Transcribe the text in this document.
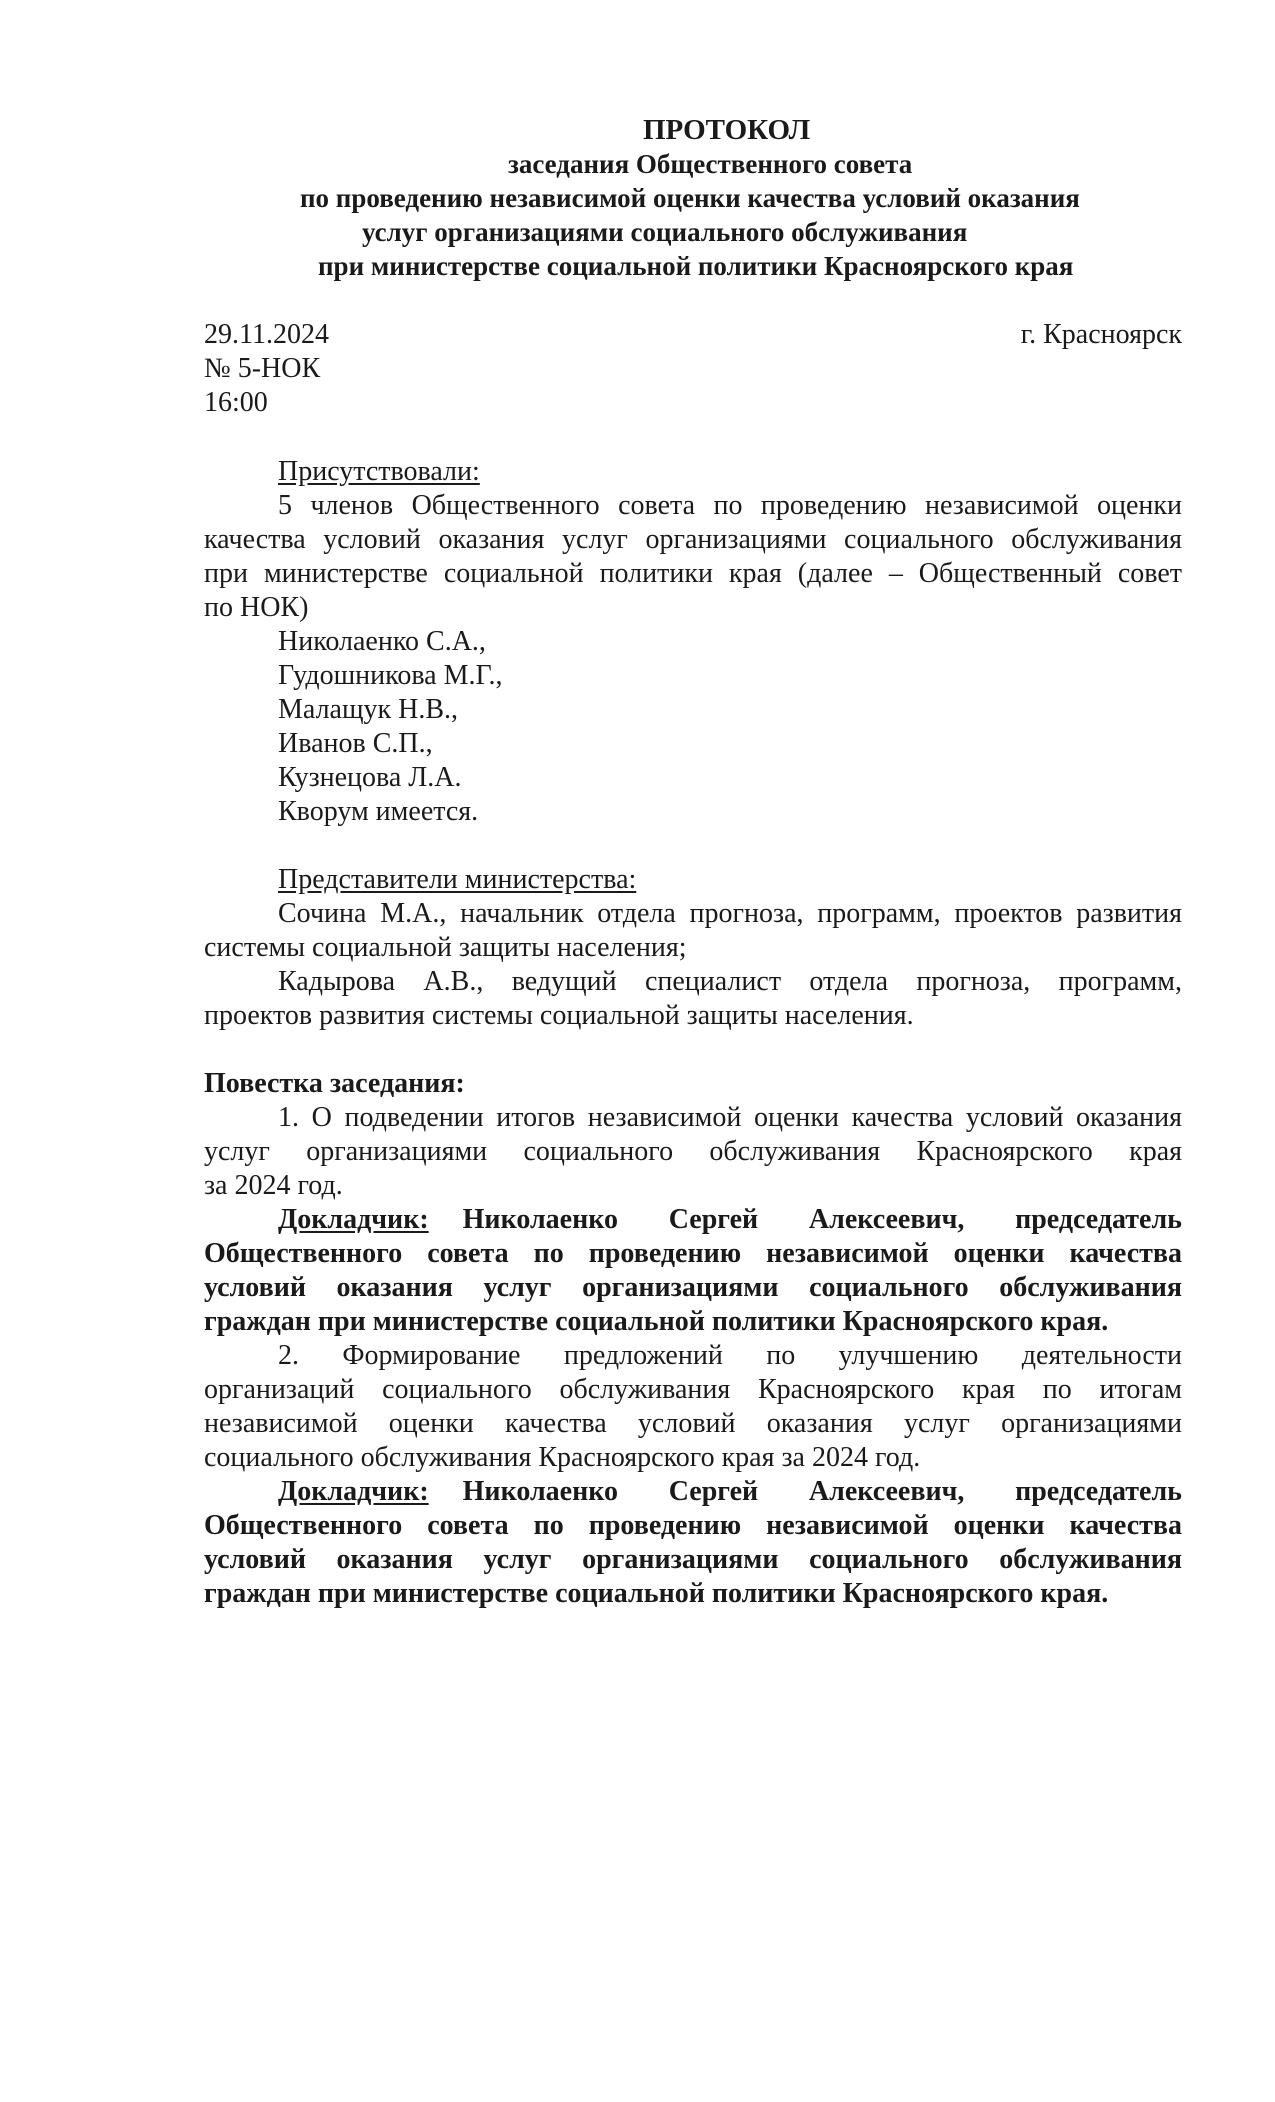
ПРОТОКОЛ
заседания Общественного совета
по проведению независимой оценки качества условий оказания
услуг организациями социального обслуживания
при министерстве социальной политики Красноярского края
29.11.2024	г. Красноярск
№ 5-НОК
16:00
Присутствовали:
5 членов Общественного совета по проведению независимой оценки
качества условий оказания услуг организациями социального обслуживания
при министерстве социальной политики края (далее – Общественный совет
по НОК)
Николаенко С.А.,
Гудошникова М.Г.,
Малащук Н.В.,
Иванов С.П.,
Кузнецова Л.А.
Кворум имеется.
Представители министерства:
Сочина М.А., начальник отдела прогноза, программ, проектов развития
системы социальной защиты населения;
Кадырова А.В., ведущий специалист отдела прогноза, программ,
проектов развития системы социальной защиты населения.
Повестка заседания:
1. О подведении итогов независимой оценки качества условий оказания
услуг организациями социального обслуживания Красноярского края
за 2024 год.
Докладчик: Николаенко Сергей Алексеевич, председатель
Общественного совета по проведению независимой оценки качества
условий оказания услуг организациями социального обслуживания
граждан при министерстве социальной политики Красноярского края.
2. Формирование предложений по улучшению деятельности
организаций социального обслуживания Красноярского края по итогам
независимой оценки качества условий оказания услуг организациями
социального обслуживания Красноярского края за 2024 год.
Докладчик: Николаенко Сергей Алексеевич, председатель
Общественного совета по проведению независимой оценки качества
условий оказания услуг организациями социального обслуживания
граждан при министерстве социальной политики Красноярского края.
